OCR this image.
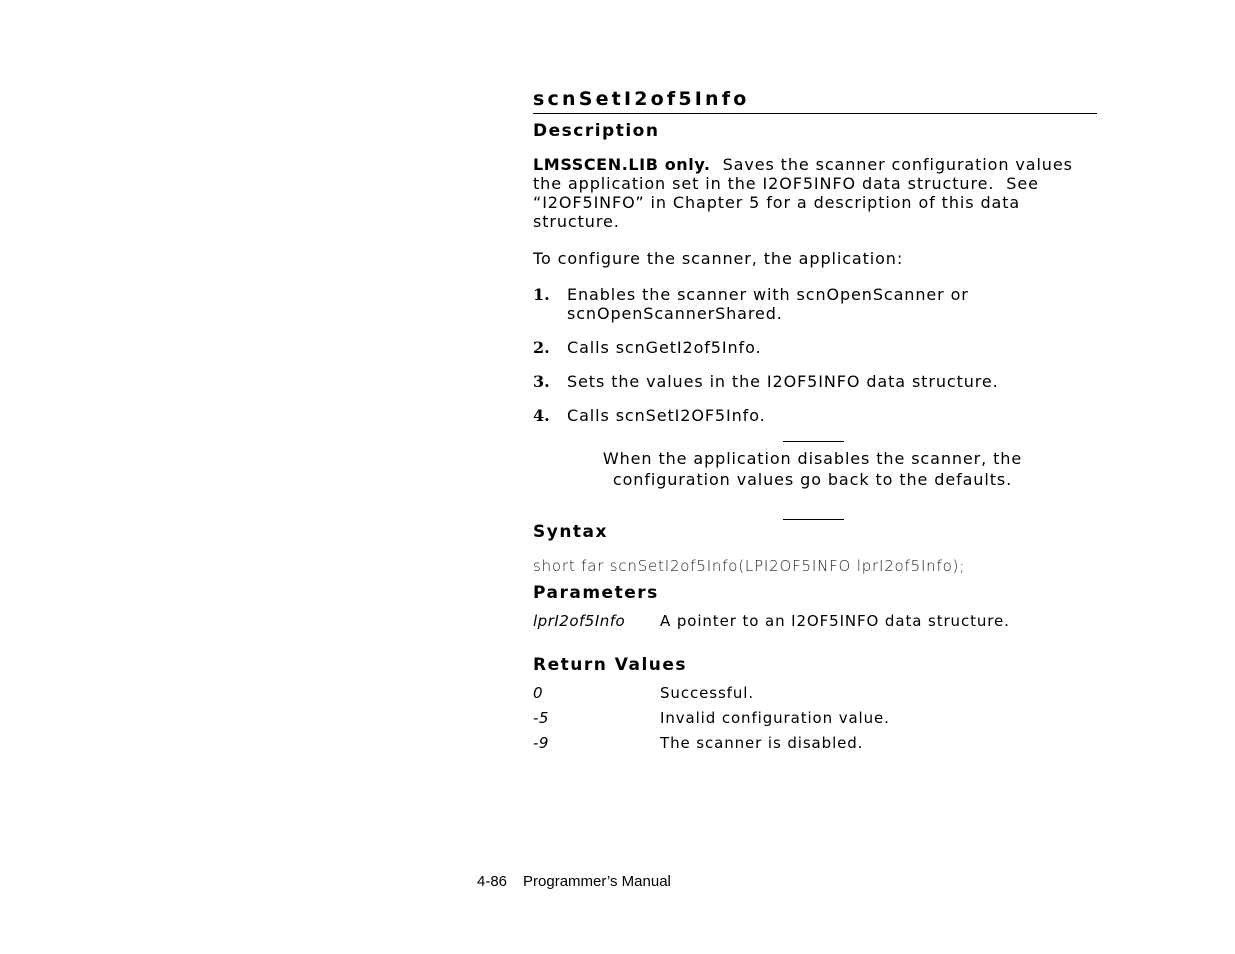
scnSetI2of5Info
Description
LMSSCEN.LIB only.  Saves the scanner configuration values the application set in the I2OF5INFO data structure.  See “I2OF5INFO” in Chapter 5 for a description of this data structure.
To configure the scanner, the application:
1. Enables the scanner with scnOpenScanner or scnOpenScannerShared.
2. Calls scnGetI2of5Info.
3. Sets the values in the I2OF5INFO data structure.
4. Calls scnSetI2OF5Info.
When the application disables the scanner, the configuration values go back to the defaults.
Syntax
short far scnSetI2of5Info(LPI2OF5INFO lprI2of5Info);
Parameters
lprI2of5Info A pointer to an I2OF5INFO data structure.
Return Values
0	Successful.
-5	Invalid configuration value.
-9	The scanner is disabled.
4-86 Programmer’s Manual
